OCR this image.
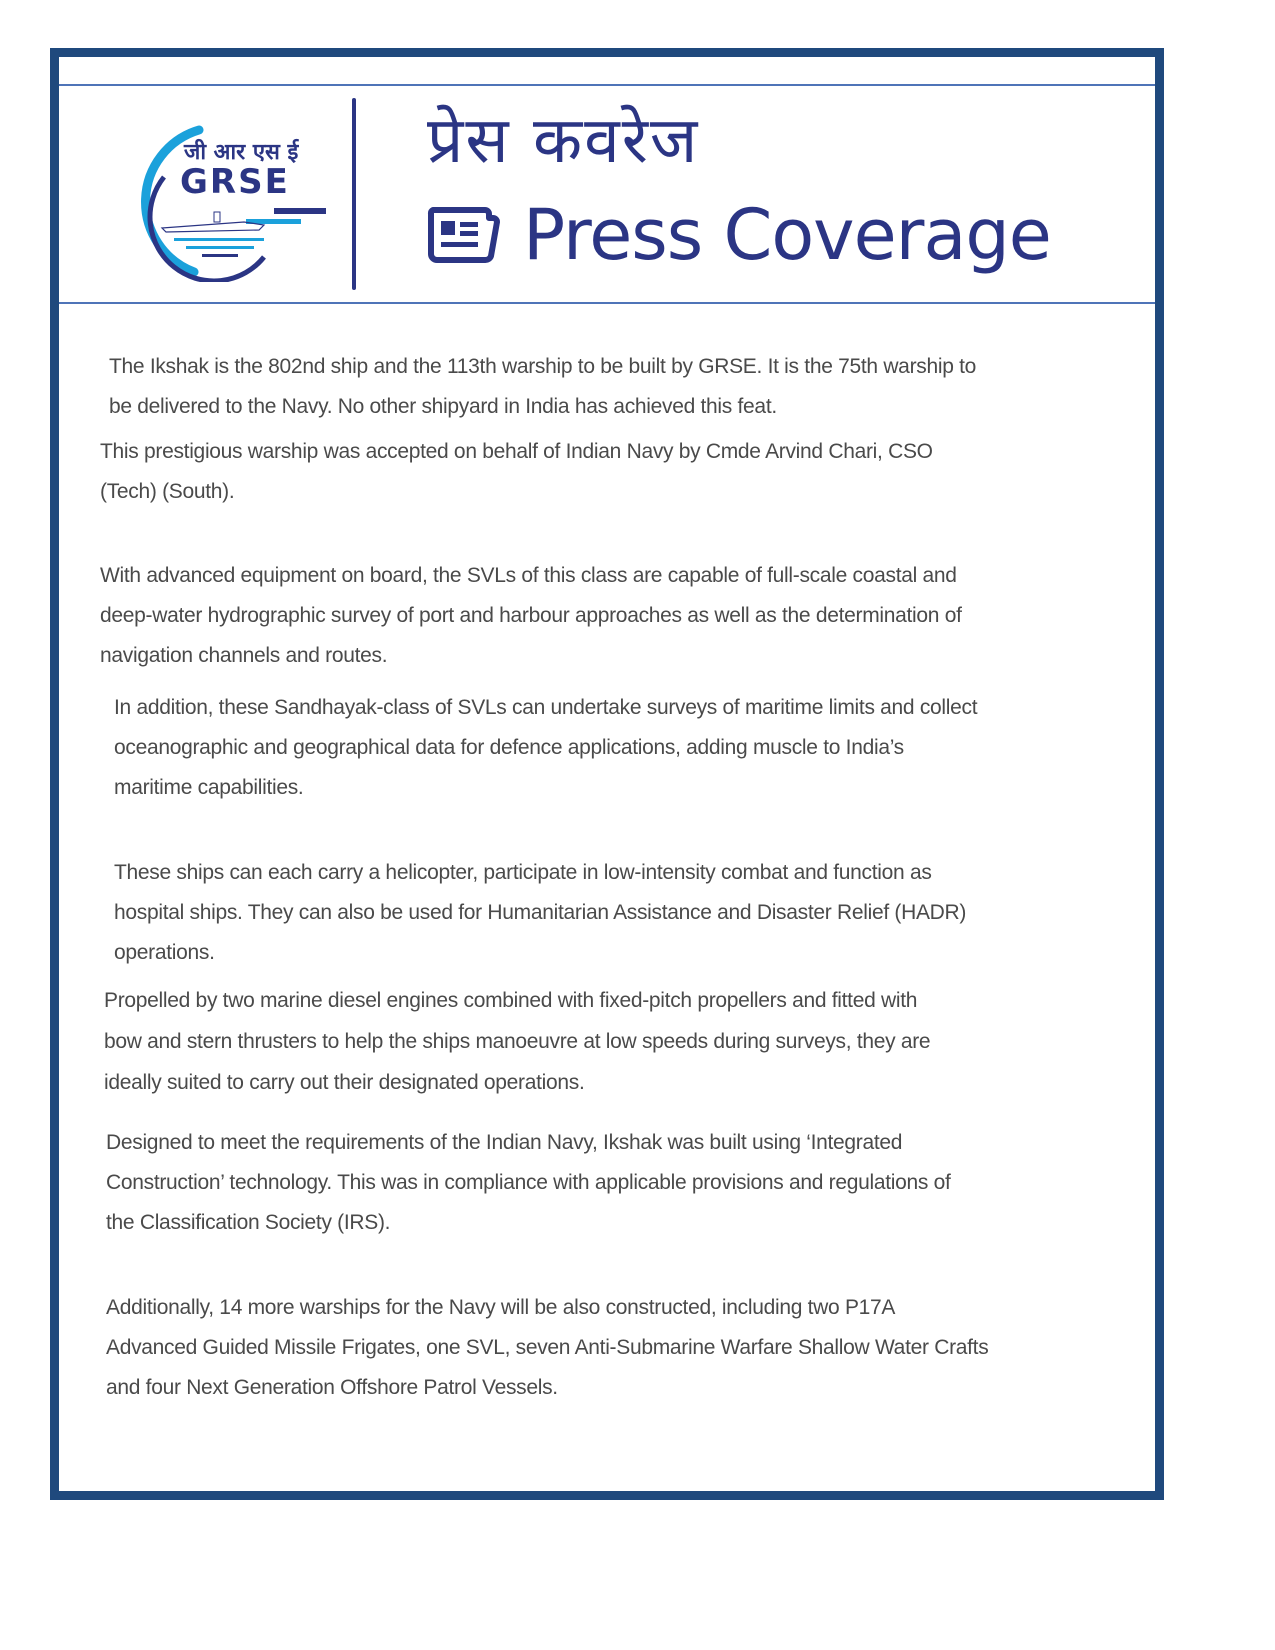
जी आर एस ई
GRSE
प्रेस कवरेज
Press Coverage
The Ikshak is the 802nd ship and the 113th warship to be built by GRSE. It is the 75th warship to
be delivered to the Navy. No other shipyard in India has achieved this feat.
This prestigious warship was accepted on behalf of Indian Navy by Cmde Arvind Chari, CSO
(Tech) (South).
With advanced equipment on board, the SVLs of this class are capable of full-scale coastal and
deep-water hydrographic survey of port and harbour approaches as well as the determination of
navigation channels and routes.
In addition, these Sandhayak-class of SVLs can undertake surveys of maritime limits and collect
oceanographic and geographical data for defence applications, adding muscle to India’s
maritime capabilities.
These ships can each carry a helicopter, participate in low-intensity combat and function as
hospital ships. They can also be used for Humanitarian Assistance and Disaster Relief (HADR)
operations.
Propelled by two marine diesel engines combined with fixed-pitch propellers and fitted with
bow and stern thrusters to help the ships manoeuvre at low speeds during surveys, they are
ideally suited to carry out their designated operations.
Designed to meet the requirements of the Indian Navy, Ikshak was built using ‘Integrated
Construction’ technology. This was in compliance with applicable provisions and regulations of
the Classification Society (IRS).
Additionally, 14 more warships for the Navy will be also constructed, including two P17A
Advanced Guided Missile Frigates, one SVL, seven Anti-Submarine Warfare Shallow Water Crafts
and four Next Generation Offshore Patrol Vessels.
